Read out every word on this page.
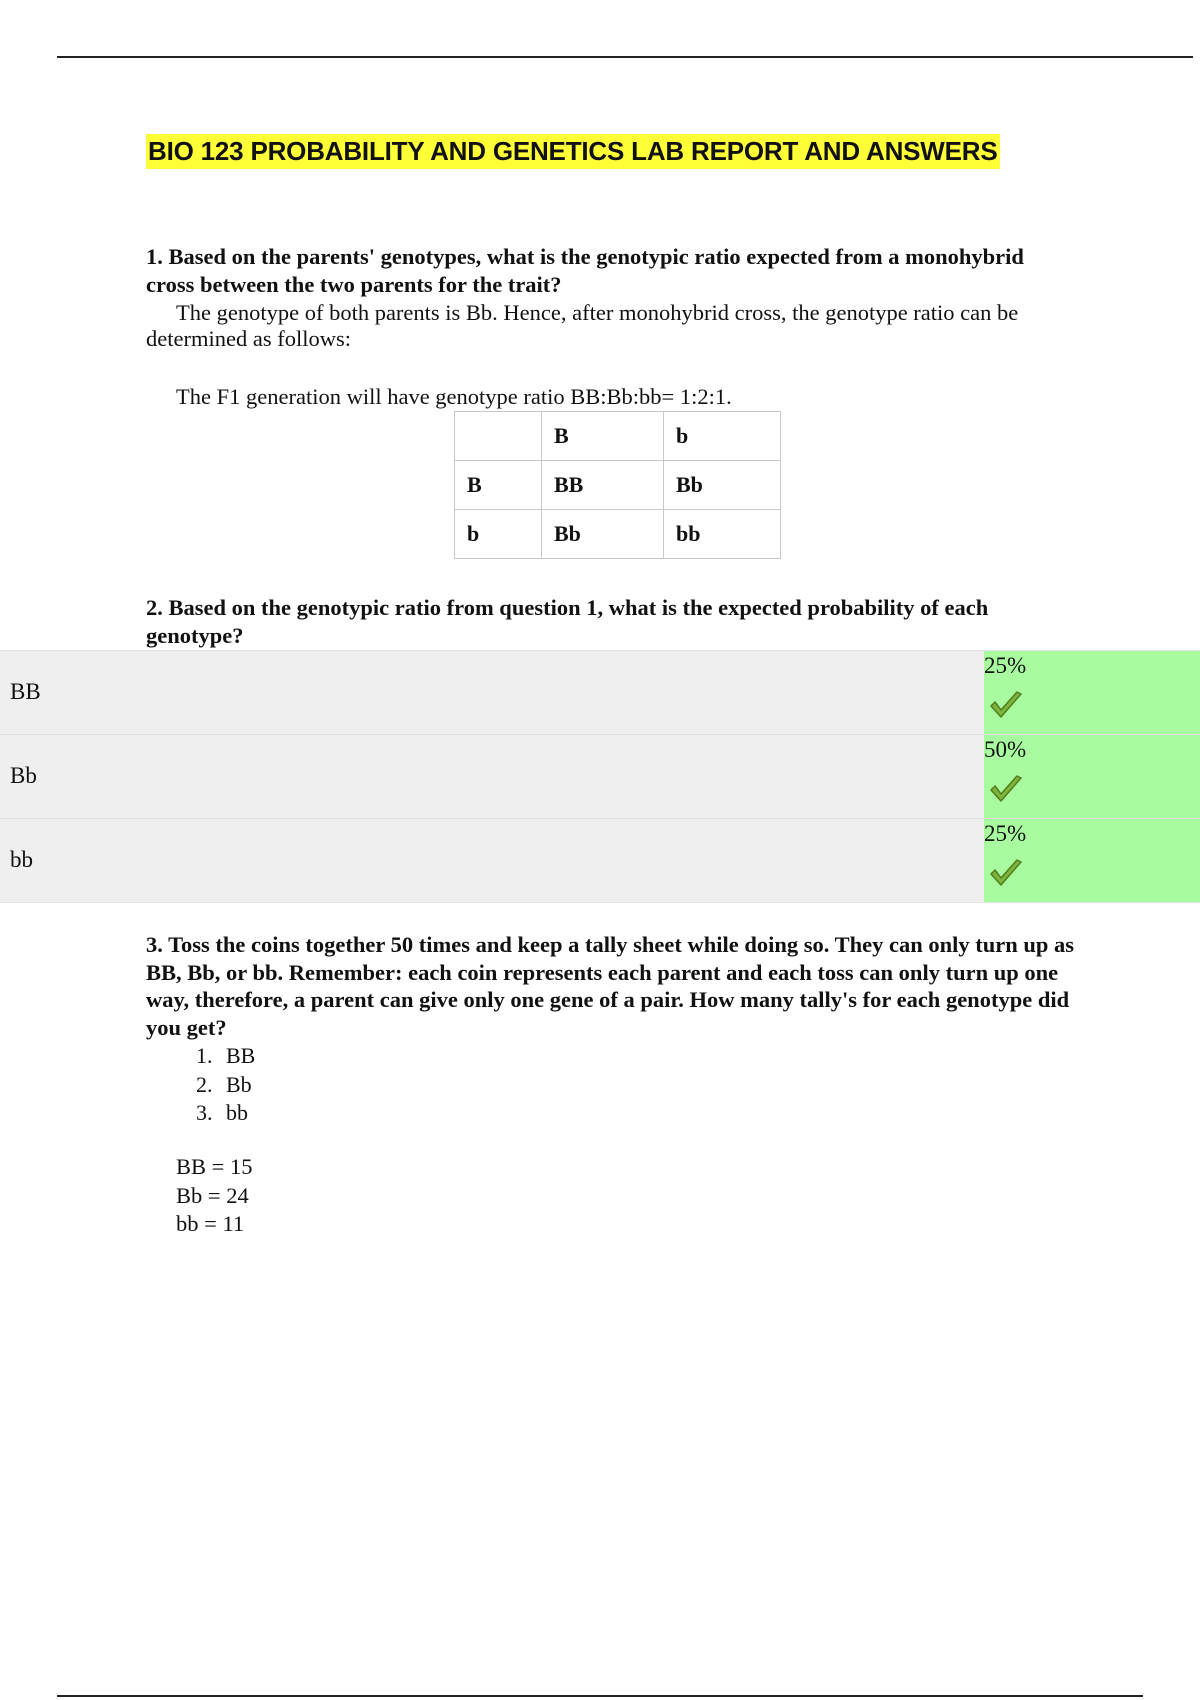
BIO 123 PROBABILITY AND GENETICS LAB REPORT AND ANSWERS
1. Based on the parents' genotypes, what is the genotypic ratio expected from a monohybrid cross between the two parents for the trait?
The genotype of both parents is Bb. Hence, after monohybrid cross, the genotype ratio can be determined as follows:
The F1 generation will have genotype ratio BB:Bb:bb= 1:2:1.
	B	b
B	BB	Bb
b	Bb	bb
2. Based on the genotypic ratio from question 1, what is the expected probability of each genotype?
BB
25%
Bb
50%
bb
25%
3. Toss the coins together 50 times and keep a tally sheet while doing so. They can only turn up as BB, Bb, or bb. Remember: each coin represents each parent and each toss can only turn up one way, therefore, a parent can give only one gene of a pair. How many tally's for each genotype did you get?
1. BB
2. Bb
3. bb
BB = 15
Bb = 24
bb = 11
